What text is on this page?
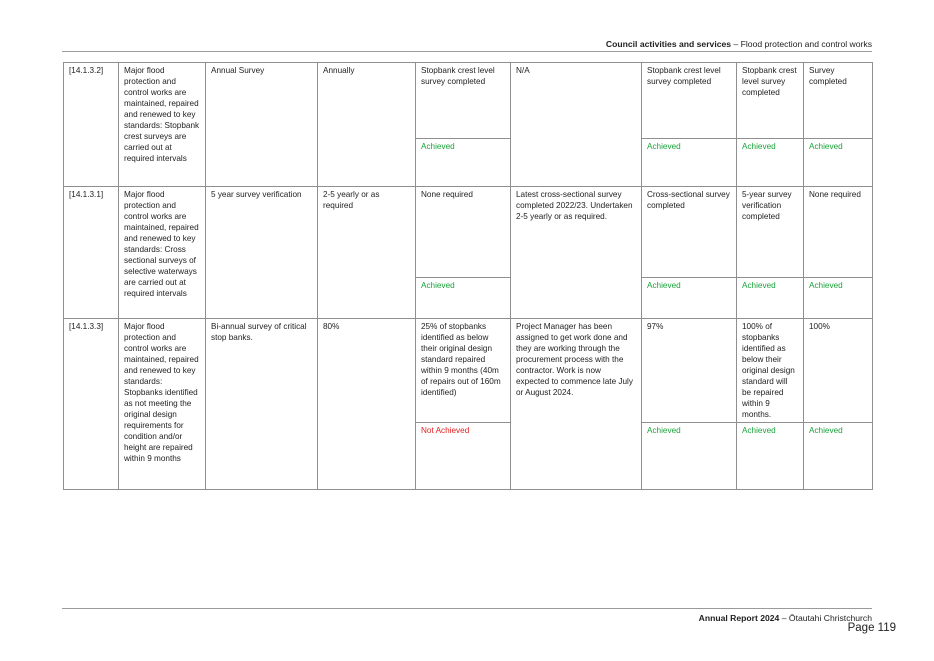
Council activities and services – Flood protection and control works
[14.1.3.2]	Major flood protection and control works are maintained, repaired and renewed to key standards: Stopbank crest surveys are carried out at required intervals	Annual Survey	Annually	Stopbank crest level survey completed	N/A	Stopbank crest level survey completed	Stopbank crest level survey completed	Survey completed
				Achieved		Achieved	Achieved	Achieved
[14.1.3.1]	Major flood protection and control works are maintained, repaired and renewed to key standards: Cross sectional surveys of selective waterways are carried out at required intervals	5 year survey verification	2-5 yearly or as required	None required	Latest cross-sectional survey completed 2022/23. Undertaken 2-5 yearly or as required.	Cross-sectional survey completed	5-year survey verification completed	None required
				Achieved		Achieved	Achieved	Achieved
[14.1.3.3]	Major flood protection and control works are maintained, repaired and renewed to key standards: Stopbanks identified as not meeting the original design requirements for condition and/or height are repaired within 9 months	Bi-annual survey of critical stop banks.	80%	25% of stopbanks identified as below their original design standard repaired within 9 months (40m of repairs out of 160m identified)	Project Manager has been assigned to get work done and they are working through the procurement process with the contractor. Work is now expected to commence late July or August 2024.	97%	100% of stopbanks identified as below their original design standard will be repaired within 9 months.	100%
				Not Achieved		Achieved	Achieved	Achieved
Annual Report 2024 – Ōtautahi Christchurch
Page 119
